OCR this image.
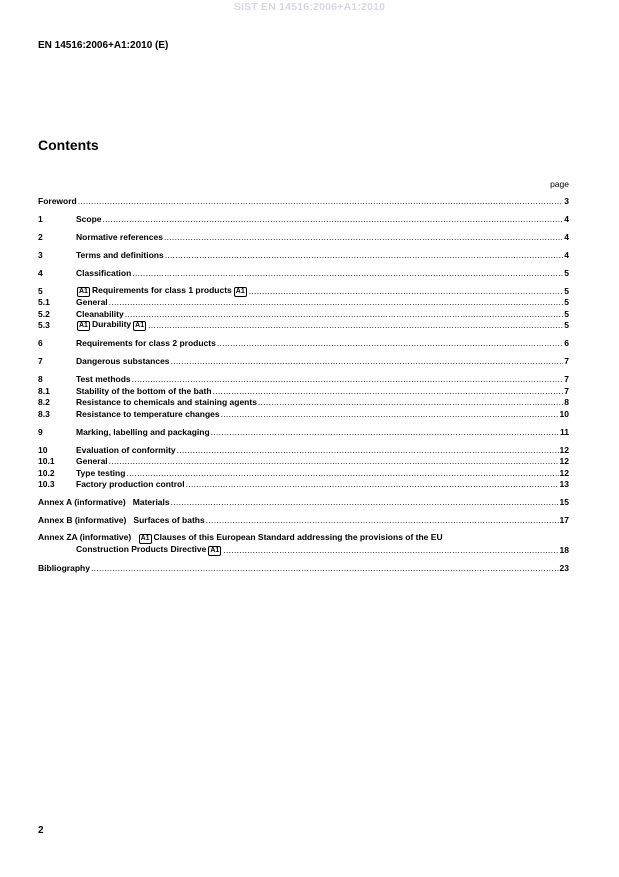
SIST EN 14516:2006+A1:2010
EN 14516:2006+A1:2010 (E)
Contents
page
Foreword .....	3
1	Scope .....	4
2	Normative references .....	4
3	Terms and definitions .....	4
4	Classification .....	5
5	A1 Requirements for class 1 products A1 .....	5
5.1	General .....	5
5.2	Cleanability .....	5
5.3	A1 Durability A1 .....	5
6	Requirements for class 2 products .....	6
7	Dangerous substances .....	7
8	Test methods .....	7
8.1	Stability of the bottom of the bath .....	7
8.2	Resistance to chemicals and staining agents .....	8
8.3	Resistance to temperature changes .....	10
9	Marking, labelling and packaging .....	11
10	Evaluation of conformity .....	12
10.1	General .....	12
10.2	Type testing .....	12
10.3	Factory production control .....	13
Annex A (informative)   Materials .....	15
Annex B (informative)   Surfaces of baths .....	17
Annex ZA (informative) A1 Clauses of this European Standard addressing the provisions of the EU
Construction Products Directive A1 .....	18
Bibliography .....	23
2
